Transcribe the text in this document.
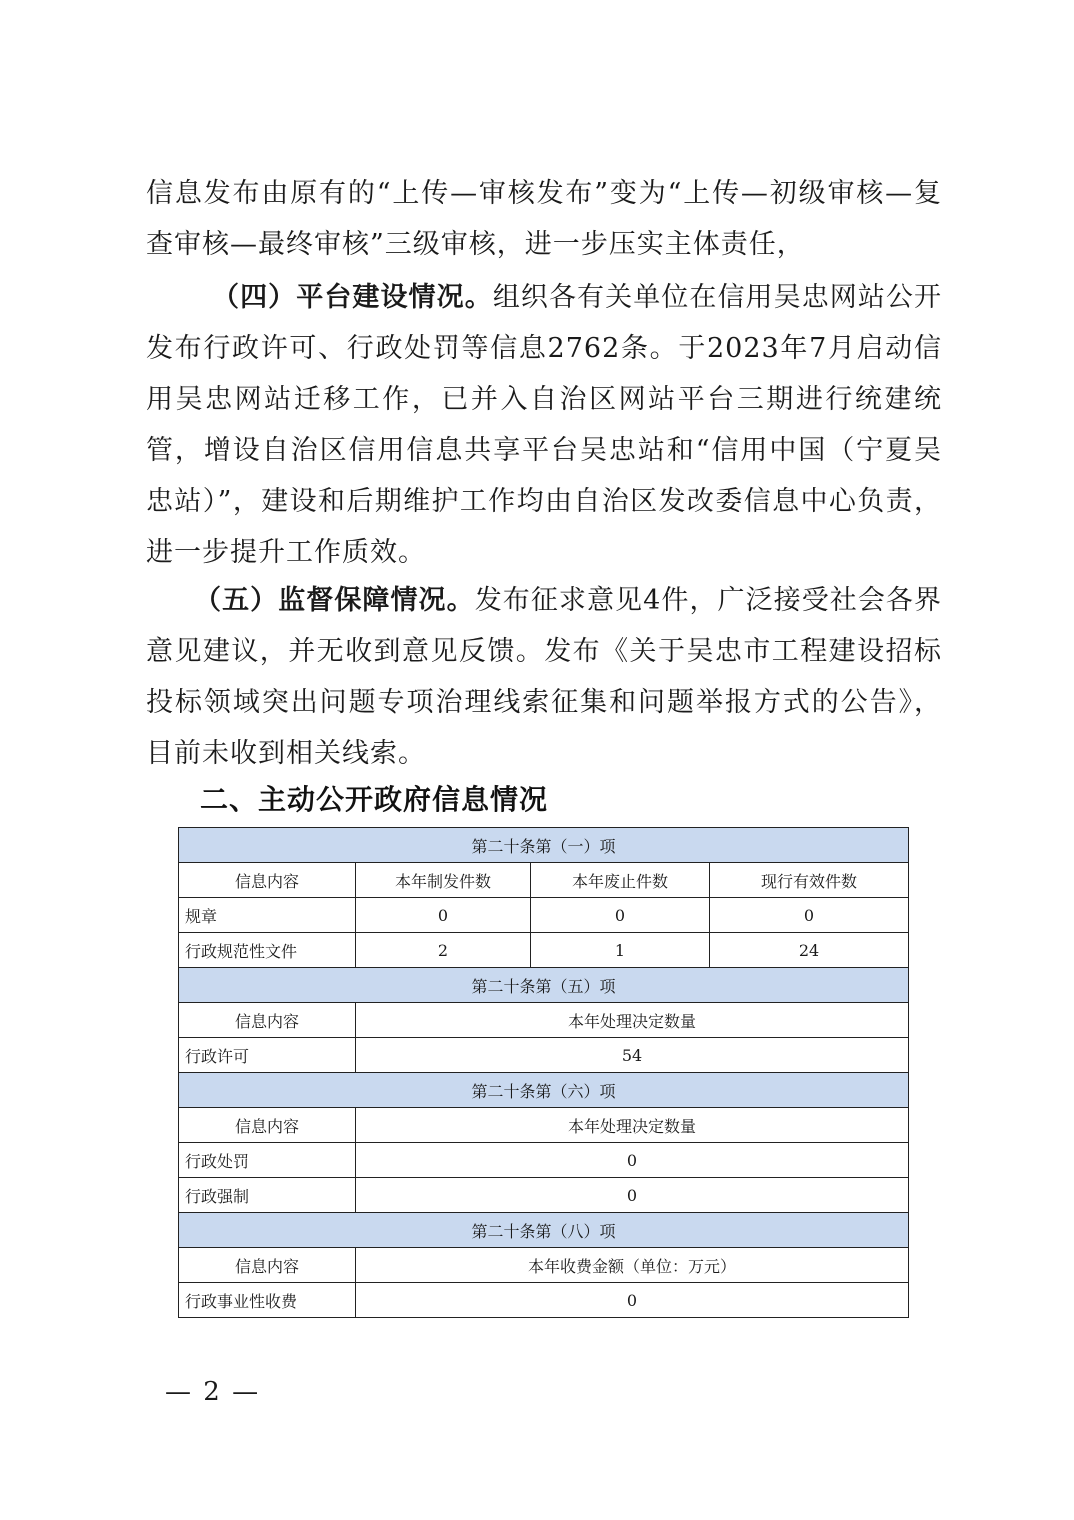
信息发布由原有的“上传—审核发布”变为“上传—初级审核—复查审核—最终审核”三级审核，进一步压实主体责任，

（四）平台建设情况。组织各有关单位在信用吴忠网站公开发布行政许可、行政处罚等信息2762条。于2023年7月启动信用吴忠网站迁移工作，已并入自治区网站平台三期进行统建统管，增设自治区信用信息共享平台吴忠站和“信用中国（宁夏吴忠站）”，建设和后期维护工作均由自治区发改委信息中心负责，进一步提升工作质效。

（五）监督保障情况。发布征求意见4件，广泛接受社会各界意见建议，并无收到意见反馈。发布《关于吴忠市工程建设招标投标领域突出问题专项治理线索征集和问题举报方式的公告》，目前未收到相关线索。

二、主动公开政府信息情况
第二十条第（一）项			
信息内容	本年制发件数	本年废止件数	现行有效件数
规章	0	0	0
行政规范性文件	2	1	24
第二十条第（五）项			
信息内容	本年处理决定数量		
行政许可	54		
第二十条第（六）项			
信息内容	本年处理决定数量		
行政处罚	0		
行政强制	0		
第二十条第（八）项			
信息内容	本年收费金额（单位：万元）		
行政事业性收费	0		

— 2 —
